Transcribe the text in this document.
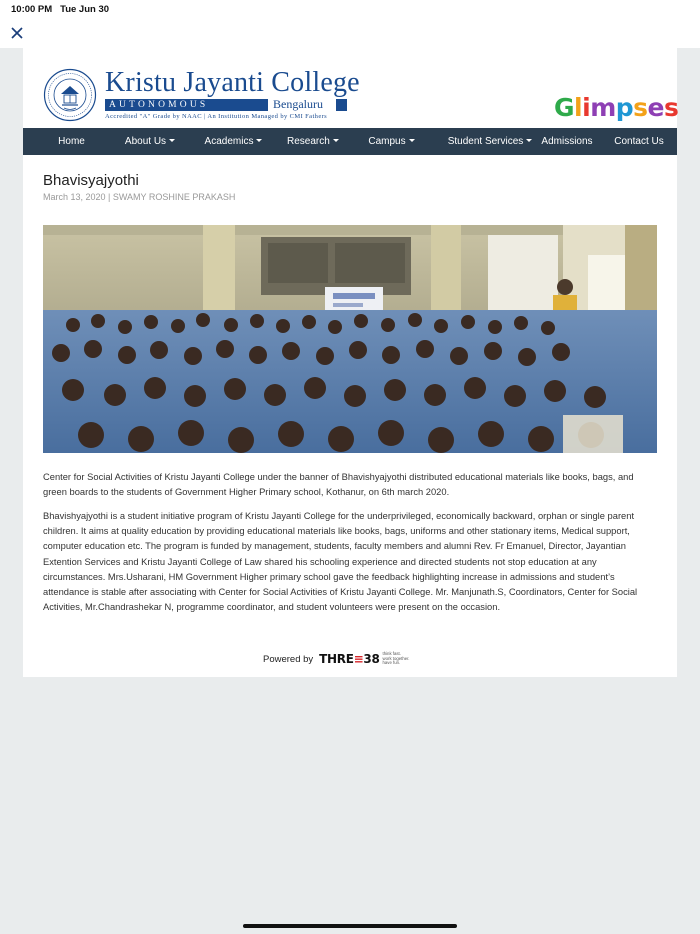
10:00 PM Tue Jun 30
Kristu Jayanti College
AUTONOMOUS	Bengaluru
Accredited "A" Grade by NAAC | An Institution Managed by CMI Fathers	Glimpses
Home	About Us	Academics	Research	Campus	Student Services	Admissions	Contact Us
Bhavisyajyothi
March 13, 2020 | SWAMY ROSHINE PRAKASH

Center for Social Activities of Kristu Jayanti College under the banner of Bhavishyajyothi distributed educational materials like books, bags, and green boards to the students of Government Higher Primary school, Kothanur, on 6th march 2020.

Bhavishyajyothi is a student initiative program of Kristu Jayanti College for the underprivileged, economically backward, orphan or single parent children. It aims at quality education by providing educational materials like books, bags, uniforms and other stationary items, Medical support, computer education etc. The program is funded by management, students, faculty members and alumni Rev. Fr Emanuel, Director, Jayantian Extention Services and Kristu Jayanti College of Law shared his schooling experience and directed students not stop education at any circumstances. Mrs.Usharani, HM Government Higher primary school gave the feedback highlighting increase in admissions and student’s attendance is stable after associating with Center for Social Activities of Kristu Jayanti College. Mr. Manjunath.S, Coordinators, Center for Social Activities, Mr.Chandrashekar N, programme coordinator, and student volunteers were present on the occasion.

Powered by THRE≡38 think fast.
work together.
have fun.
